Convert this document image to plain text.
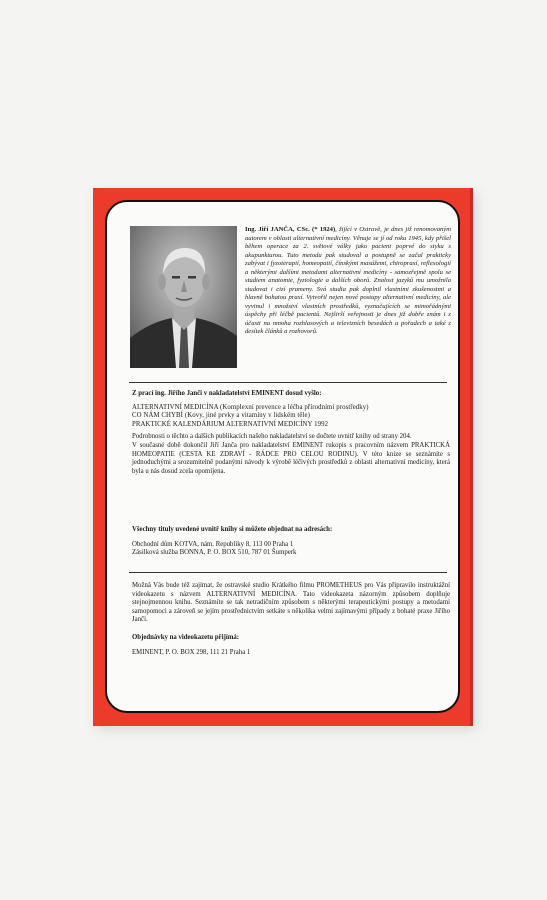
Ing. Jiří JANČA, CSc. (* 1924), žijící v Ostravě, je dnes již renomovaným autorem v oblasti alternativní medicíny. Věnuje se jí od roku 1945, kdy přišel během operace za 2. světové války jako pacient poprvé do styku s akupunkturou. Tuto metodu pak studoval a postupně se začal prakticky zabývat i fyzoterapií, homeopatií, čínskými masážemi, chiropraxí, reflexologií a některými dalšími metodami alternativní medicíny - samozřejmě spolu se studiem anatomie, fyziologie a dalších oborů. Znalost jazyků mu umožnila studovat i cizí prameny. Svá studia pak doplnil vlastními zkušenostmi a hlavně bohatou praxí. Vytvořil nejen nové postupy alternativní medicíny, ale vyvinul i množství vlastních prostředků, vyznačujících se mimořádnými úspěchy při léčbě pacientů. Nejširší veřejnosti je dnes již dobře znám i z účasti na mnoha rozhlasových a televizních besedách a pořadech a také z desítek článků a rozhovorů.
Z prací ing. Jiřího Janči v nakladatelství EMINENT dosud vyšlo:
ALTERNATIVNÍ MEDICÍNA (Komplexní prevence a léčba přírodními prostředky)
CO NÁM CHYBÍ (Kovy, jiné prvky a vitamíny v lidském těle)
PRAKTICKÉ KALENDÁRIUM ALTERNATIVNÍ MEDICÍNY 1992
Podrobnosti o těchto a dalších publikacích našeho nakladatelství se dočtete uvnitř knihy od strany 204.
V současné době dokončil Jiří Janča pro nakladatelství EMINENT rukopis s pracovním názvem PRAKTICKÁ HOMEOPATIE (CESTA KE ZDRAVÍ - RÁDCE PRO CELOU RODINU). V této knize se seznámíte s jednoduchými a srozumitelně podanými návody k výrobě léčivých prostředků z oblasti alternativní medicíny, která byla u nás dosud zcela opomíjena.
Všechny tituly uvedené uvnitř knihy si můžete objednat na adresách:
Obchodní dům KOTVA, nám. Republiky 8, 113 00 Praha 1
Zásilková služba BONNA, P. O. BOX 510, 787 01 Šumperk
Možná Vás bude též zajímat, že ostravské studio Krátkého filmu PROMETHEUS pro Vás připravilo instruktážní videokazetu s názvem ALTERNATIVNÍ MEDICÍNA. Tato videokazeta názorným způsobem doplňuje stejnojmennou knihu. Seznámíte se tak netradičním způsobem s některými terapeutickými postupy a metodami samopomoci a zároveň se jejím prostřednictvím setkáte s několika velmi zajímavými případy z bohaté praxe Jiřího Janči.
Objednávky na videokazetu přijímá:
EMINENT, P. O. BOX 298, 111 21 Praha 1
